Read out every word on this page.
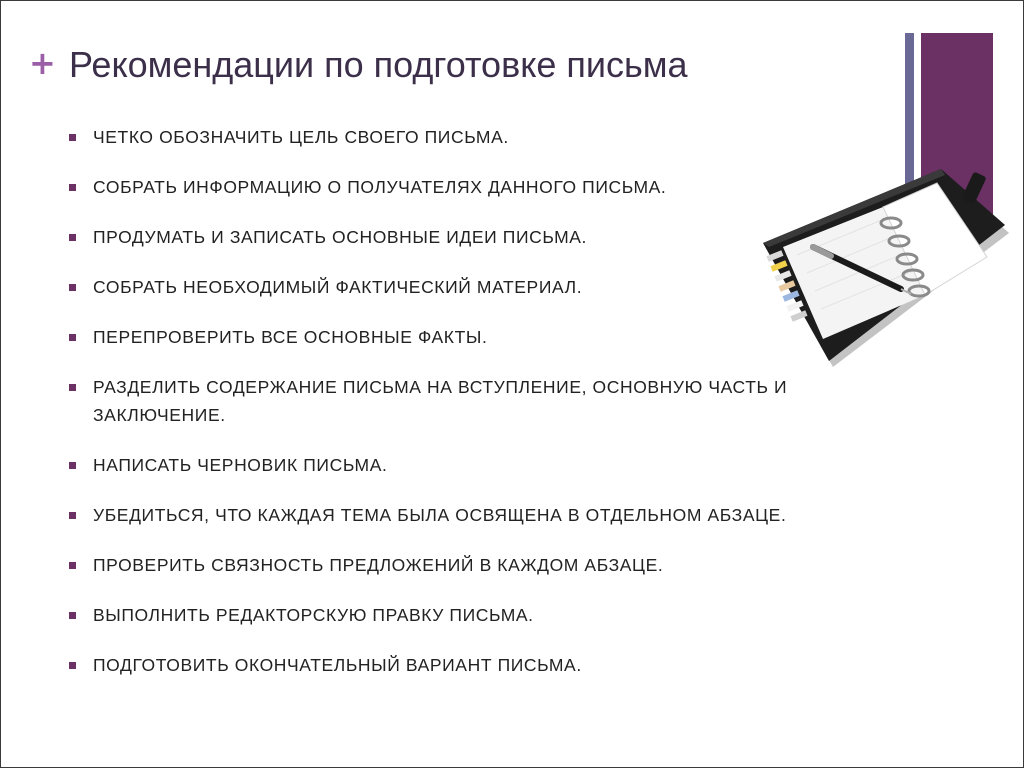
+ Рекомендации по подготовке письма
ЧЕТКО ОБОЗНАЧИТЬ ЦЕЛЬ СВОЕГО ПИСЬМА.
СОБРАТЬ ИНФОРМАЦИЮ О ПОЛУЧАТЕЛЯХ ДАННОГО ПИСЬМА.
ПРОДУМАТЬ И ЗАПИСАТЬ ОСНОВНЫЕ ИДЕИ ПИСЬМА.
СОБРАТЬ НЕОБХОДИМЫЙ ФАКТИЧЕСКИЙ МАТЕРИАЛ.
ПЕРЕПРОВЕРИТЬ ВСЕ ОСНОВНЫЕ ФАКТЫ.
РАЗДЕЛИТЬ СОДЕРЖАНИЕ ПИСЬМА НА ВСТУПЛЕНИЕ, ОСНОВНУЮ ЧАСТЬ И ЗАКЛЮЧЕНИЕ.
НАПИСАТЬ ЧЕРНОВИК ПИСЬМА.
УБЕДИТЬСЯ, ЧТО КАЖДАЯ ТЕМА БЫЛА ОСВЯЩЕНА В ОТДЕЛЬНОМ АБЗАЦЕ.
ПРОВЕРИТЬ СВЯЗНОСТЬ ПРЕДЛОЖЕНИЙ В КАЖДОМ АБЗАЦЕ.
ВЫПОЛНИТЬ РЕДАКТОРСКУЮ ПРАВКУ ПИСЬМА.
ПОДГОТОВИТЬ ОКОНЧАТЕЛЬНЫЙ ВАРИАНТ ПИСЬМА.
